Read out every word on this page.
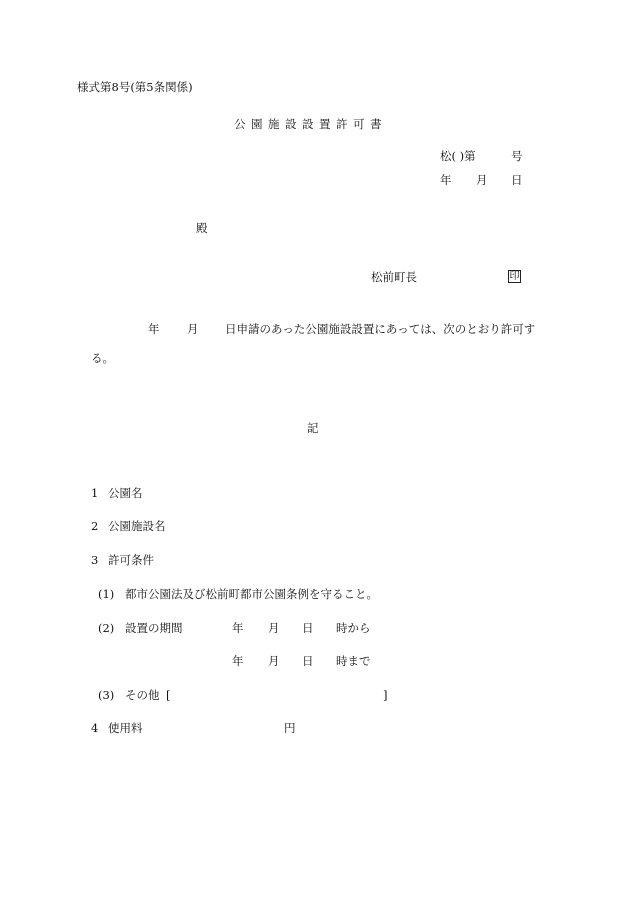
様式第8号(第5条関係)
公園施設設置許可書
松( )第	号
年 月 日
殿
松前町長	印
年 月 日申請のあった公園施設設置にあっては、次のとおり許可す
る。
記
1 公園名
2 公園施設名
3 許可条件
(1) 都市公園法及び松前町都市公園条例を守ること。
(2) 設置の期間	年 月 日 時から
年 月 日 時まで
(3) その他 [	]
4 使用料	円
